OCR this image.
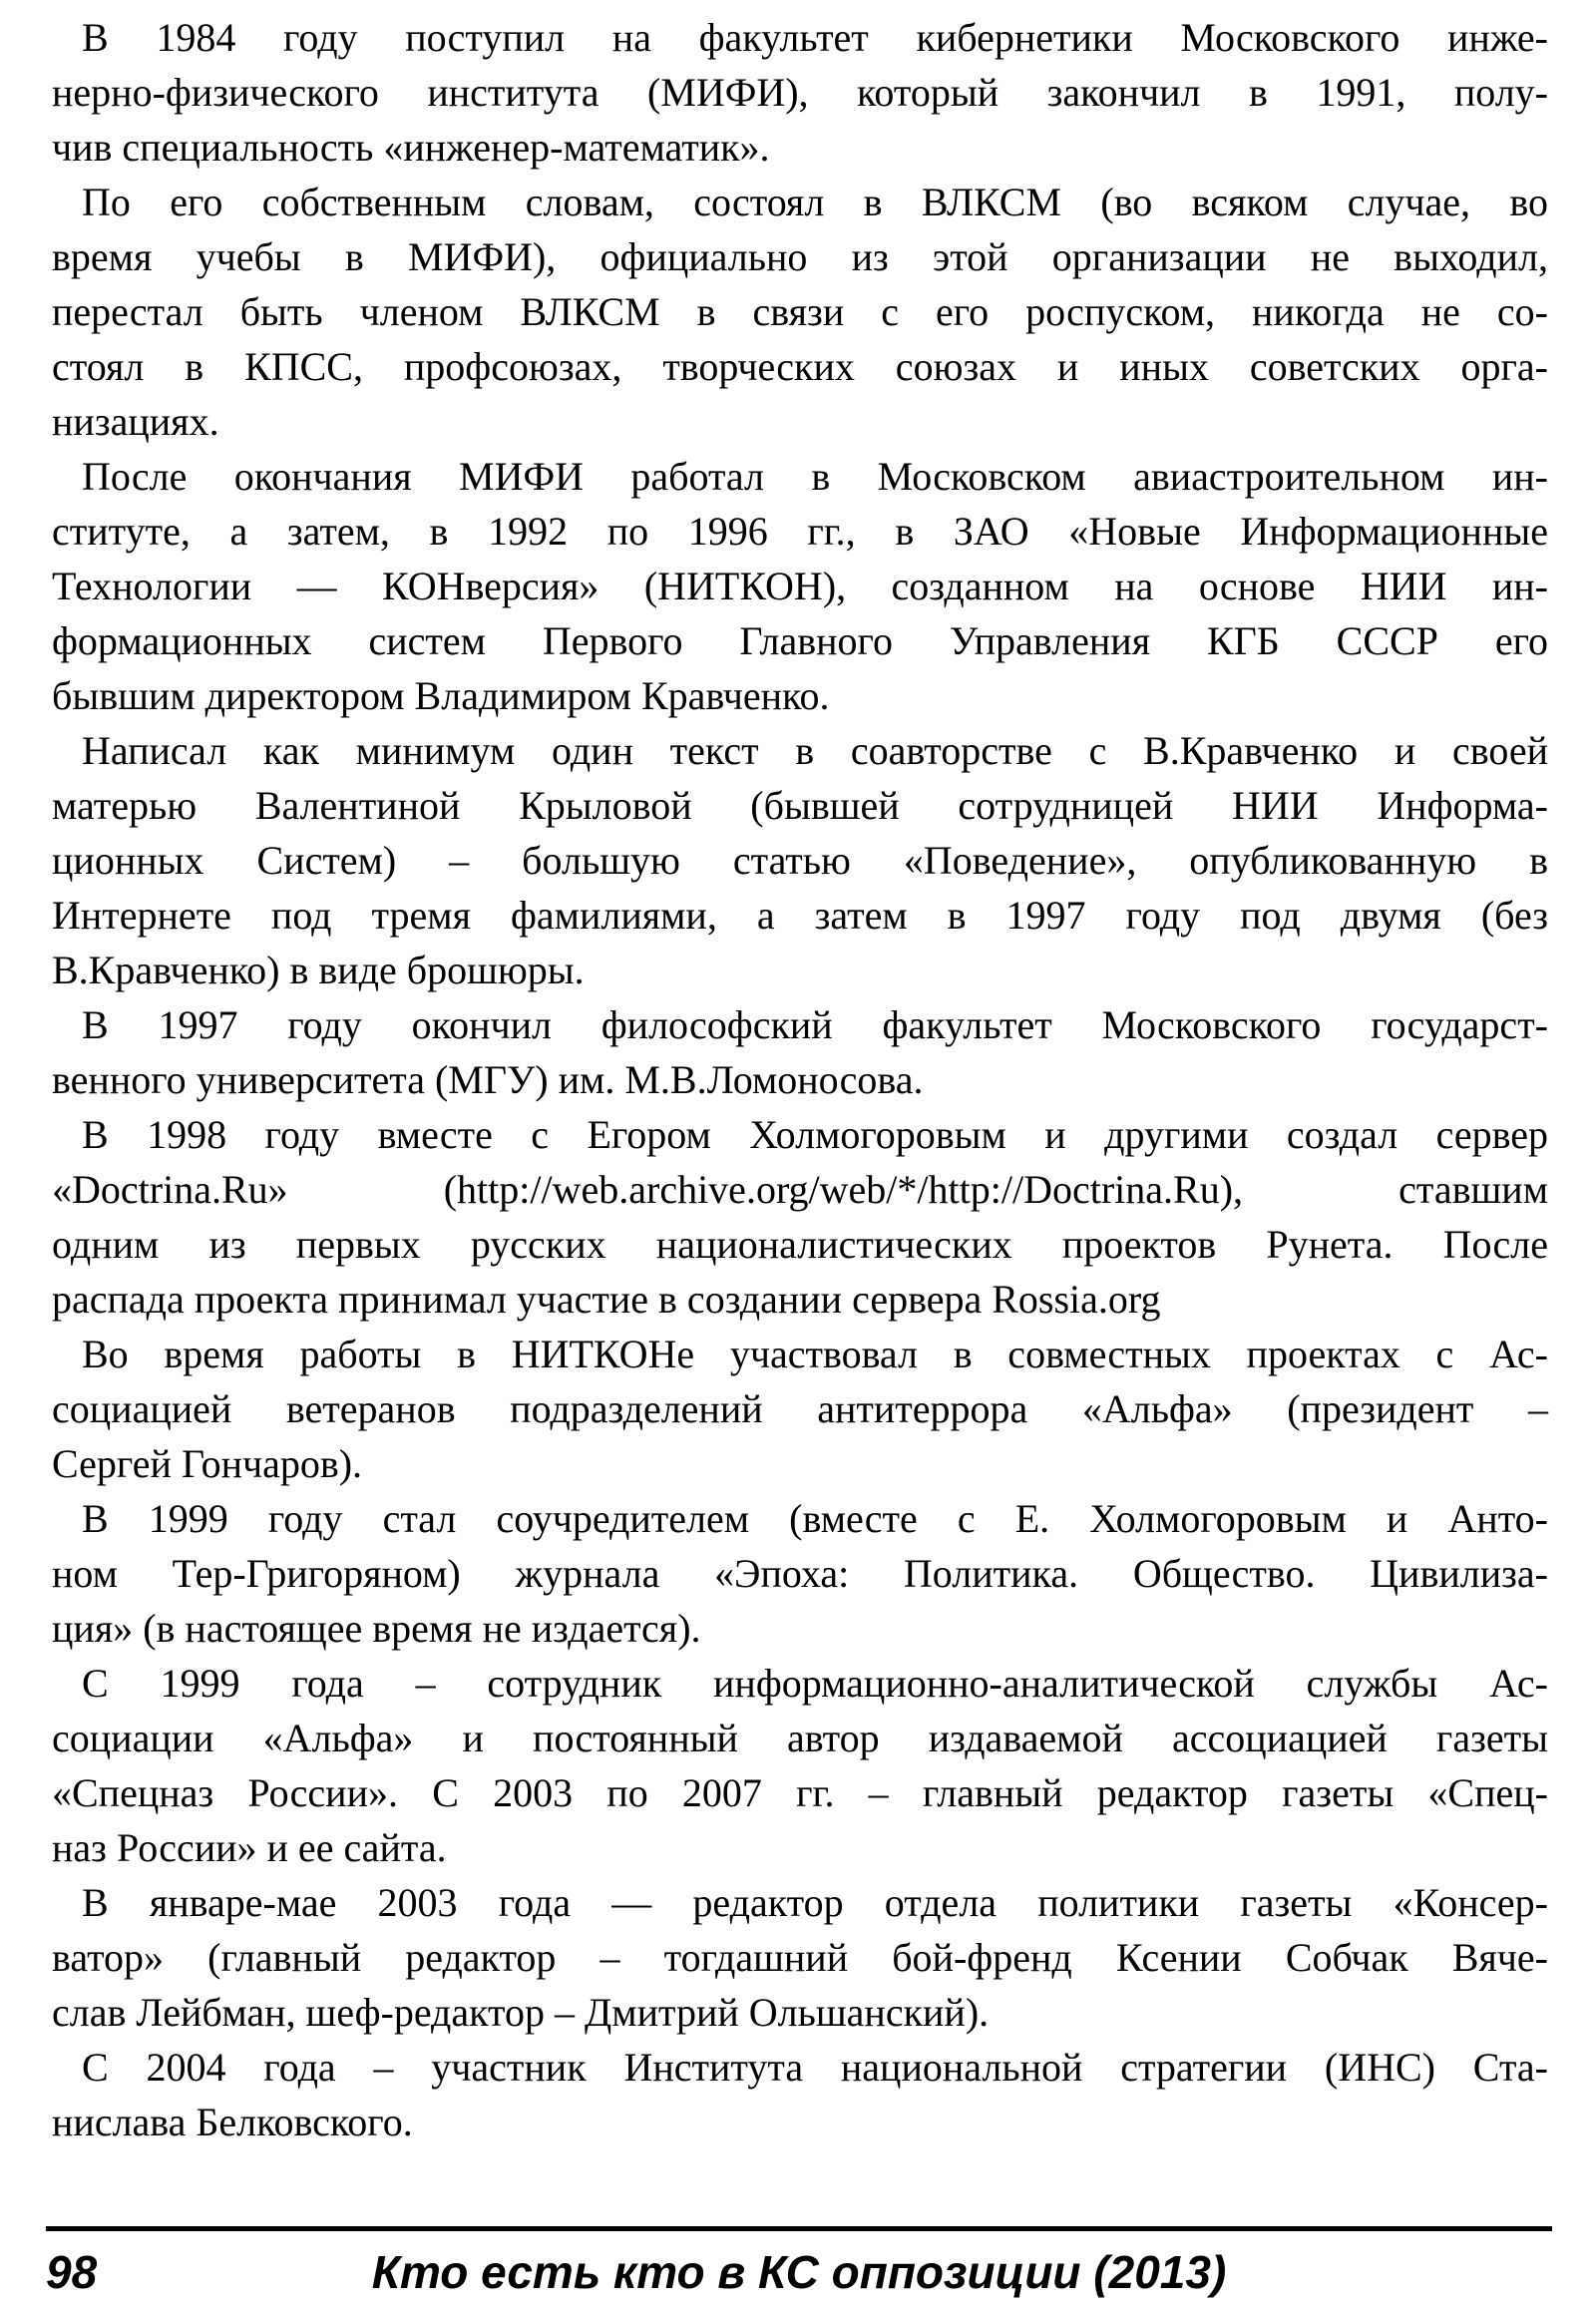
В 1984 году поступил на факультет кибернетики Московского инже-
нерно-физического института (МИФИ), который закончил в 1991, полу-
чив специальность «инженер-математик».

По его собственным словам, состоял в ВЛКСМ (во всяком случае, во
время учебы в МИФИ), официально из этой организации не выходил,
перестал быть членом ВЛКСМ в связи с его роспуском, никогда не со-
стоял в КПСС, профсоюзах, творческих союзах и иных советских орга-
низациях.

После окончания МИФИ работал в Московском авиастроительном ин-
ституте, а затем, в 1992 по 1996 гг., в ЗАО «Новые Информационные
Технологии — КОНверсия» (НИТКОН), созданном на основе НИИ ин-
формационных систем Первого Главного Управления КГБ СССР его
бывшим директором Владимиром Кравченко.

Написал как минимум один текст в соавторстве с В.Кравченко и своей
матерью Валентиной Крыловой (бывшей сотрудницей НИИ Информа-
ционных Систем) – большую статью «Поведение», опубликованную в
Интернете под тремя фамилиями, а затем в 1997 году под двумя (без
В.Кравченко) в виде брошюры.

В 1997 году окончил философский факультет Московского государст-
венного университета (МГУ) им. М.В.Ломоносова.

В 1998 году вместе с Егором Холмогоровым и другими создал сервер
«Doctrina.Ru» (http://web.archive.org/web/*/http://Doctrina.Ru), ставшим
одним из первых русских националистических проектов Рунета. После
распада проекта принимал участие в создании сервера Rossia.org

Во время работы в НИТКОНе участвовал в совместных проектах с Ас-
социацией ветеранов подразделений антитеррора «Альфа» (президент –
Сергей Гончаров).

В 1999 году стал соучредителем (вместе с Е. Холмогоровым и Анто-
ном Тер-Григоряном) журнала «Эпоха: Политика. Общество. Цивилиза-
ция» (в настоящее время не издается).

С 1999 года – сотрудник информационно-аналитической службы Ас-
социации «Альфа» и постоянный автор издаваемой ассоциацией газеты
«Спецназ России». С 2003 по 2007 гг. – главный редактор газеты «Спец-
наз России» и ее сайта.

В январе-мае 2003 года — редактор отдела политики газеты «Консер-
ватор» (главный редактор – тогдашний бой-френд Ксении Собчак Вяче-
слав Лейбман, шеф-редактор – Дмитрий Ольшанский).

С 2004 года – участник Института национальной стратегии (ИНС) Ста-
нислава Белковского.

98	Кто есть кто в КС оппозиции (2013)
